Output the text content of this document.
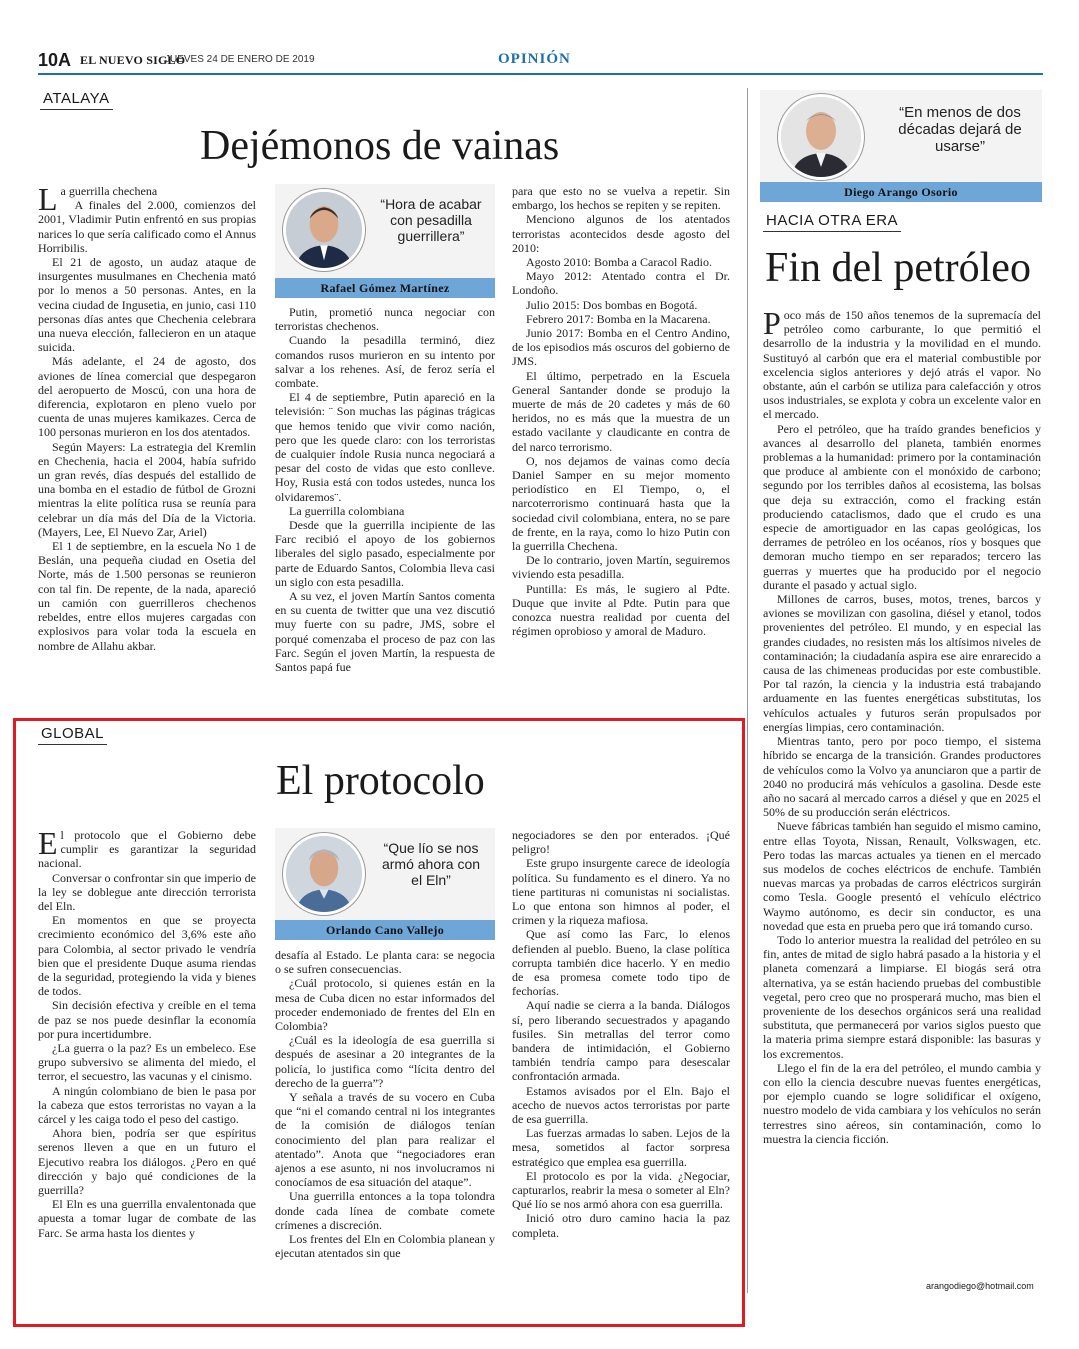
10A EL NUEVO SIGLO
JUEVES 24 DE ENERO DE 2019	OPINIÓN
ATALAYA
Dejémonos de vainas

La guerrilla chechena

A finales del 2.000, comienzos del 2001, Vladimir Putin enfrentó en sus propias narices lo que sería calificado como el Annus Horribilis.

El 21 de agosto, un audaz ataque de insurgentes musulmanes en Chechenia mató por lo menos a 50 personas. Antes, en la vecina ciudad de Ingusetia, en junio, casi 110 personas días antes que Chechenia celebrara una nueva elección, fallecieron en un ataque suicida.

Más adelante, el 24 de agosto, dos aviones de línea comercial que despegaron del aeropuerto de Moscú, con una hora de diferencia, explotaron en pleno vuelo por cuenta de unas mujeres kamikazes. Cerca de 100 personas murieron en los dos atentados.

Según Mayers: La estrategia del Kremlin en Chechenia, hacia el 2004, había sufrido un gran revés, días después del estallido de una bomba en el estadio de fútbol de Grozni mientras la elite política rusa se reunía para celebrar un día más del Día de la Victoria. (Mayers, Lee, El Nuevo Zar, Ariel)

El 1 de septiembre, en la escuela No 1 de Beslán, una pequeña ciudad en Osetia del Norte, más de 1.500 personas se reunieron con tal fin. De repente, de la nada, apareció un camión con guerrilleros chechenos rebeldes, entre ellos mujeres cargadas con explosivos para volar toda la escuela en nombre de Allahu akbar.

“Hora de acabar con pesadilla guerrillera”
Rafael Gómez Martínez

Putin, prometió nunca negociar con terroristas chechenos.

Cuando la pesadilla terminó, diez comandos rusos murieron en su intento por salvar a los rehenes. Así, de feroz sería el combate.

El 4 de septiembre, Putin apareció en la televisión: ¨ Son muchas las páginas trágicas que hemos tenido que vivir como nación, pero que les quede claro: con los terroristas de cualquier índole Rusia nunca negociará a pesar del costo de vidas que esto conlleve. Hoy, Rusia está con todos ustedes, nunca los olvidaremos¨.

La guerrilla colombiana

Desde que la guerrilla incipiente de las Farc recibió el apoyo de los gobiernos liberales del siglo pasado, especialmente por parte de Eduardo Santos, Colombia lleva casi un siglo con esta pesadilla.

A su vez, el joven Martín Santos comenta en su cuenta de twitter que una vez discutió muy fuerte con su padre, JMS, sobre el porqué comenzaba el proceso de paz con las Farc. Según el joven Martín, la respuesta de Santos papá fue

para que esto no se vuelva a repetir. Sin embargo, los hechos se repiten y se repiten.

Menciono algunos de los atentados terroristas acontecidos desde agosto del 2010:

Agosto 2010: Bomba a Caracol Radio.

Mayo 2012: Atentado contra el Dr. Londoño.

Julio 2015: Dos bombas en Bogotá.

Febrero 2017: Bomba en la Macarena.

Junio 2017: Bomba en el Centro Andino, de los episodios más oscuros del gobierno de JMS.

El último, perpetrado en la Escuela General Santander donde se produjo la muerte de más de 20 cadetes y más de 60 heridos, no es más que la muestra de un estado vacilante y claudicante en contra de del narco terrorismo.

O, nos dejamos de vainas como decía Daniel Samper en su mejor momento periodístico en El Tiempo, o, el narcoterrorismo continuará hasta que la sociedad civil colombiana, entera, no se pare de frente, en la raya, como lo hizo Putin con la guerrilla Chechena.

De lo contrario, joven Martín, seguiremos viviendo esta pesadilla.

Puntilla: Es más, le sugiero al Pdte. Duque que invite al Pdte. Putin para que conozca nuestra realidad por cuenta del régimen oprobioso y amoral de Maduro.

GLOBAL
El protocolo

El protocolo que el Gobierno debe cumplir es garantizar la seguridad nacional.

Conversar o confrontar sin que imperio de la ley se doblegue ante dirección terrorista del Eln.

En momentos en que se proyecta crecimiento económico del 3,6% este año para Colombia, al sector privado le vendría bien que el presidente Duque asuma riendas de la seguridad, protegiendo la vida y bienes de todos.

Sin decisión efectiva y creíble en el tema de paz se nos puede desinflar la economía por pura incertidumbre.

¿La guerra o la paz? Es un embeleco. Ese grupo subversivo se alimenta del miedo, el terror, el secuestro, las vacunas y el cinismo.

A ningún colombiano de bien le pasa por la cabeza que estos terroristas no vayan a la cárcel y les caiga todo el peso del castigo.

Ahora bien, podría ser que espíritus serenos lleven a que en un futuro el Ejecutivo reabra los diálogos. ¿Pero en qué dirección y bajo qué condiciones de la guerrilla?

El Eln es una guerrilla envalentonada que apuesta a tomar lugar de combate de las Farc. Se arma hasta los dientes y

“Que lío se nos armó ahora con el Eln”
Orlando Cano Vallejo

desafía al Estado. Le planta cara: se negocia o se sufren consecuencias.

¿Cuál protocolo, si quienes están en la mesa de Cuba dicen no estar informados del proceder endemoniado de frentes del Eln en Colombia?

¿Cuál es la ideología de esa guerrilla si después de asesinar a 20 integrantes de la policía, lo justifica como “lícita dentro del derecho de la guerra”?

Y señala a través de su vocero en Cuba que “ni el comando central ni los integrantes de la comisión de diálogos tenían conocimiento del plan para realizar el atentado”. Anota que “negociadores eran ajenos a ese asunto, ni nos involucramos ni conocíamos de esa situación del ataque”.

Una guerrilla entonces a la topa tolondra donde cada línea de combate comete crímenes a discreción.

Los frentes del Eln en Colombia planean y ejecutan atentados sin que

negociadores se den por enterados. ¡Qué peligro!

Este grupo insurgente carece de ideología política. Su fundamento es el dinero. Ya no tiene partituras ni comunistas ni socialistas. Lo que entona son himnos al poder, el crimen y la riqueza mafiosa.

Que así como las Farc, lo elenos defienden al pueblo. Bueno, la clase política corrupta también dice hacerlo. Y en medio de esa promesa comete todo tipo de fechorías.

Aquí nadie se cierra a la banda. Diálogos sí, pero liberando secuestrados y apagando fusiles. Sin metrallas del terror como bandera de intimidación, el Gobierno también tendría campo para desescalar confrontación armada.

Estamos avisados por el Eln. Bajo el acecho de nuevos actos terroristas por parte de esa guerrilla.

Las fuerzas armadas lo saben. Lejos de la mesa, sometidos al factor sorpresa estratégico que emplea esa guerrilla.

El protocolo es por la vida. ¿Negociar, capturarlos, reabrir la mesa o someter al Eln? Qué lío se nos armó ahora con esa guerrilla.

Inició otro duro camino hacia la paz completa.

“En menos de dos décadas dejará de usarse”
Diego Arango Osorio
HACIA OTRA ERA
Fin del petróleo

Poco más de 150 años tenemos de la supremacía del petróleo como carburante, lo que permitió el desarrollo de la industria y la movilidad en el mundo. Sustituyó al carbón que era el material combustible por excelencia siglos anteriores y dejó atrás el vapor. No obstante, aún el carbón se utiliza para calefacción y otros usos industriales, se explota y cobra un excelente valor en el mercado.

Pero el petróleo, que ha traído grandes beneficios y avances al desarrollo del planeta, también enormes problemas a la humanidad: primero por la contaminación que produce al ambiente con el monóxido de carbono; segundo por los terribles daños al ecosistema, las bolsas que deja su extracción, como el fracking están produciendo cataclismos, dado que el crudo es una especie de amortiguador en las capas geológicas, los derrames de petróleo en los océanos, ríos y bosques que demoran mucho tiempo en ser reparados; tercero las guerras y muertes que ha producido por el negocio durante el pasado y actual siglo.

Millones de carros, buses, motos, trenes, barcos y aviones se movilizan con gasolina, diésel y etanol, todos provenientes del petróleo. El mundo, y en especial las grandes ciudades, no resisten más los altísimos niveles de contaminación; la ciudadanía aspira ese aire enrarecido a causa de las chimeneas producidas por este combustible. Por tal razón, la ciencia y la industria está trabajando arduamente en las fuentes energéticas substitutas, los vehículos actuales y futuros serán propulsados por energías limpias, cero contaminación.

Mientras tanto, pero por poco tiempo, el sistema híbrido se encarga de la transición. Grandes productores de vehículos como la Volvo ya anunciaron que a partir de 2040 no producirá más vehículos a gasolina. Desde este año no sacará al mercado carros a diésel y que en 2025 el 50% de su producción serán eléctricos.

Nueve fábricas también han seguido el mismo camino, entre ellas Toyota, Nissan, Renault, Volkswagen, etc. Pero todas las marcas actuales ya tienen en el mercado sus modelos de coches eléctricos de enchufe. También nuevas marcas ya probadas de carros eléctricos surgirán como Tesla. Google presentó el vehículo eléctrico Waymo autónomo, es decir sin conductor, es una novedad que esta en prueba pero que irá tomando curso.

Todo lo anterior muestra la realidad del petróleo en su fin, antes de mitad de siglo habrá pasado a la historia y el planeta comenzará a limpiarse. El biogás será otra alternativa, ya se están haciendo pruebas del combustible vegetal, pero creo que no prosperará mucho, mas bien el proveniente de los desechos orgánicos será una realidad substituta, que permanecerá por varios siglos puesto que la materia prima siempre estará disponible: las basuras y los excrementos.

Llego el fin de la era del petróleo, el mundo cambia y con ello la ciencia descubre nuevas fuentes energéticas, por ejemplo cuando se logre solidificar el oxígeno, nuestro modelo de vida cambiara y los vehículos no serán terrestres sino aéreos, sin contaminación, como lo muestra la ciencia ficción.

arangodiego@hotmail.com
